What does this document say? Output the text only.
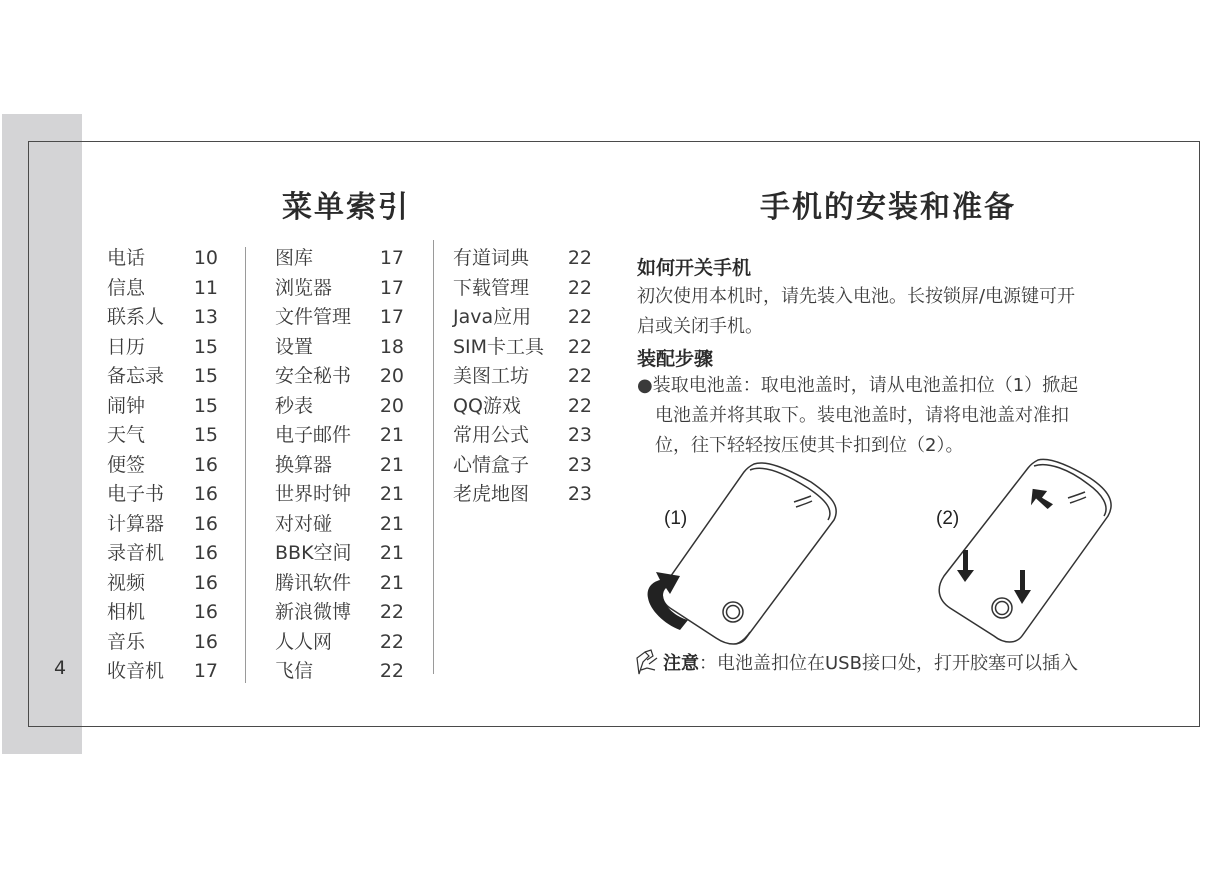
4
菜单索引	手机的安装和准备
电话
信息
联系人
日历
备忘录
闹钟
天气
便签
电子书
计算器
录音机
视频
相机
音乐
收音机
10
11
13
15
15
15
15
16
16
16
16
16
16
16
17
图库
浏览器
文件管理
设置
安全秘书
秒表
电子邮件
换算器
世界时钟
对对碰
BBK空间
腾讯软件
新浪微博
人人网
飞信
17
17
17
18
20
20
21
21
21
21
21
21
22
22
22
有道词典
下载管理
Java应用
SIM卡工具
美图工坊
QQ游戏
常用公式
心情盒子
老虎地图
22
22
22
22
22
22
23
23
23
如何开关手机
初次使用本机时，请先装入电池。长按锁屏/电源键可开
启或关闭手机。
装配步骤
●装取电池盖：取电池盖时，请从电池盖扣位（1）掀起
电池盖并将其取下。装电池盖时，请将电池盖对准扣
位，往下轻轻按压使其卡扣到位（2）。
(1)	(2)
注意 ：电池盖扣位在USB接口处，打开胶塞可以插入
